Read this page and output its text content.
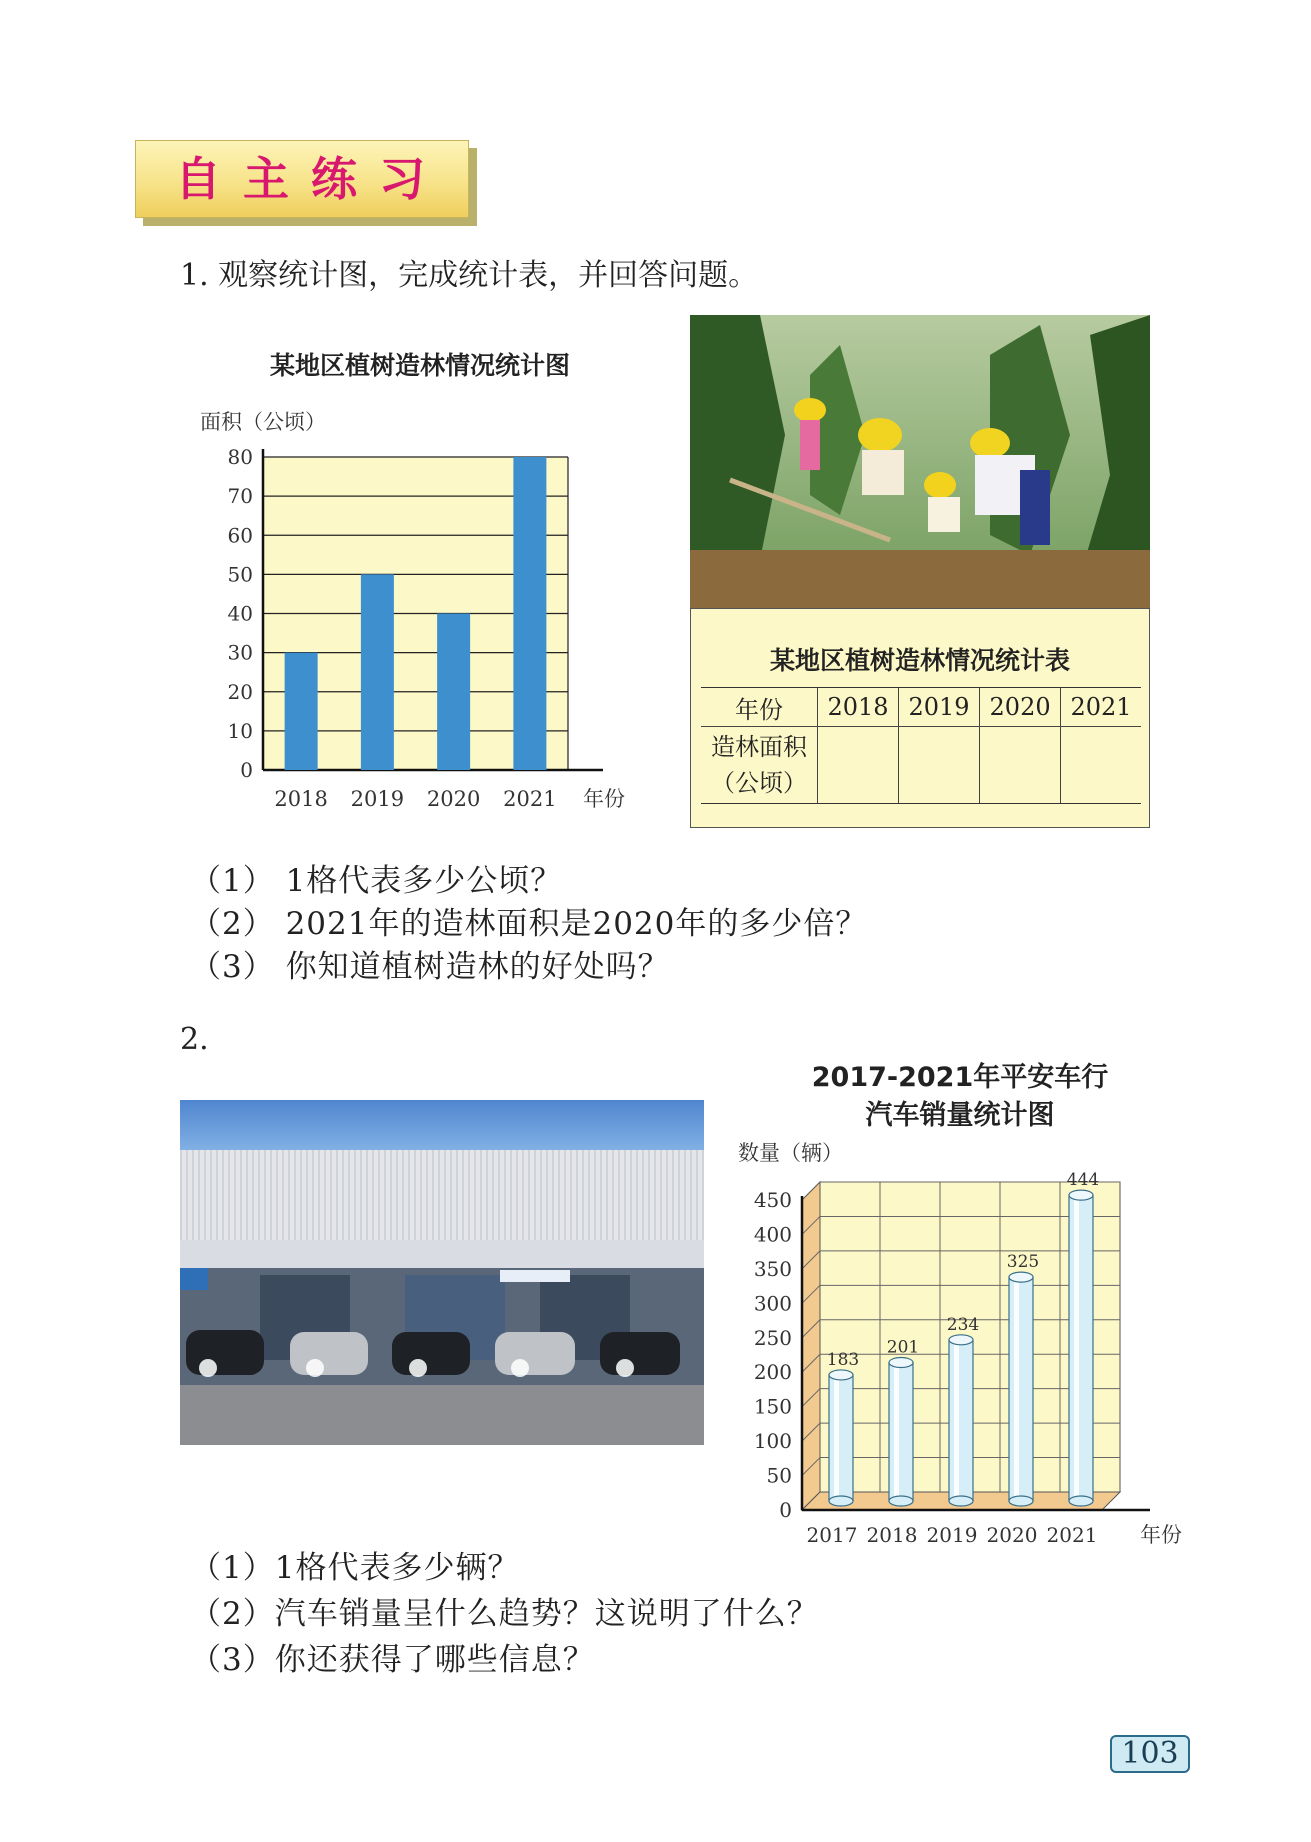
自主练习
1. 观察统计图，完成统计表，并回答问题。
某地区植树造林情况统计图
0
10
20
30
40
50
60
70
80
2018 2019 2020 2021
面积（公顷）
年份
某地区植树造林情况统计表
年份	2018	2019	2020	2021

造林面积
（公顷）				

（1） 1格代表多少公顷？
（2） 2021年的造林面积是2020年的多少倍？
（3） 你知道植树造林的好处吗？
2.
2017-2021年平安车行
汽车销量统计图
0
50
100
150
200
250
300
350
400
450
183
2017
201
2018
234
2019
325
2020
444
2021
数量（辆）
年份
（1）1格代表多少辆？
（2）汽车销量呈什么趋势？这说明了什么？
（3）你还获得了哪些信息？
103
